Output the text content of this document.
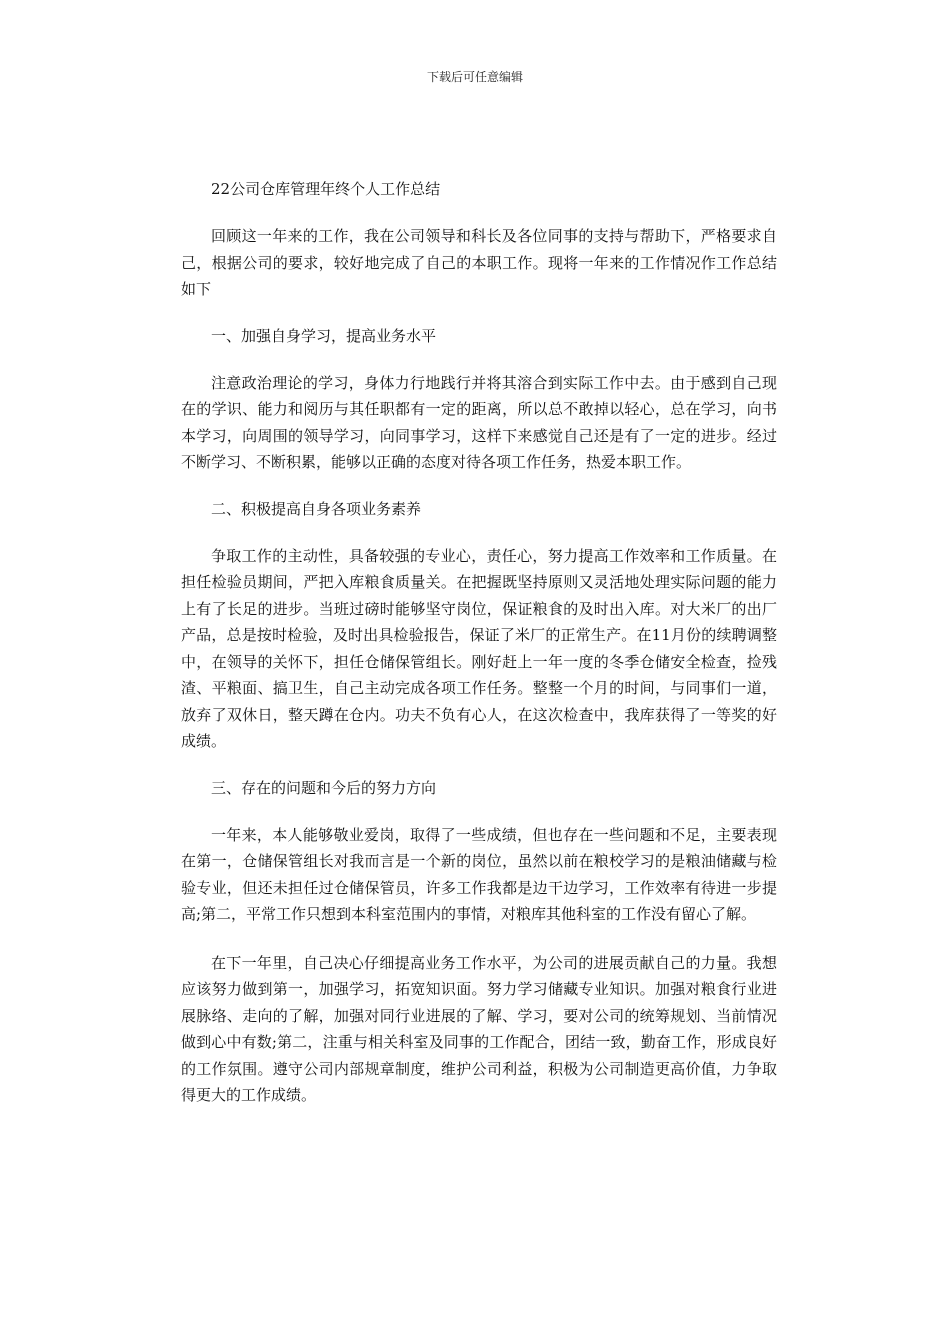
下载后可任意编辑
22公司仓库管理年终个人工作总结

回顾这一年来的工作，我在公司领导和科长及各位同事的支持与帮助下，严格要求自己，根据公司的要求，较好地完成了自己的本职工作。现将一年来的工作情况作工作总结如下

一、加强自身学习，提高业务水平

注意政治理论的学习，身体力行地践行并将其溶合到实际工作中去。由于感到自己现在的学识、能力和阅历与其任职都有一定的距离，所以总不敢掉以轻心，总在学习，向书本学习，向周围的领导学习，向同事学习，这样下来感觉自己还是有了一定的进步。经过不断学习、不断积累，能够以正确的态度对待各项工作任务，热爱本职工作。

二、积极提高自身各项业务素养

争取工作的主动性，具备较强的专业心，责任心，努力提高工作效率和工作质量。在担任检验员期间，严把入库粮食质量关。在把握既坚持原则又灵活地处理实际问题的能力上有了长足的进步。当班过磅时能够坚守岗位，保证粮食的及时出入库。对大米厂的出厂产品，总是按时检验，及时出具检验报告，保证了米厂的正常生产。在11月份的续聘调整中，在领导的关怀下，担任仓储保管组长。刚好赶上一年一度的冬季仓储安全检查，捡残渣、平粮面、搞卫生，自己主动完成各项工作任务。整整一个月的时间，与同事们一道，放弃了双休日，整天蹲在仓内。功夫不负有心人，在这次检查中，我库获得了一等奖的好成绩。

三、存在的问题和今后的努力方向

一年来，本人能够敬业爱岗，取得了一些成绩，但也存在一些问题和不足，主要表现在第一，仓储保管组长对我而言是一个新的岗位，虽然以前在粮校学习的是粮油储藏与检验专业，但还未担任过仓储保管员，许多工作我都是边干边学习，工作效率有待进一步提高;第二，平常工作只想到本科室范围内的事情，对粮库其他科室的工作没有留心了解。

在下一年里，自己决心仔细提高业务工作水平，为公司的进展贡献自己的力量。我想应该努力做到第一，加强学习，拓宽知识面。努力学习储藏专业知识。加强对粮食行业进展脉络、走向的了解，加强对同行业进展的了解、学习，要对公司的统筹规划、当前情况做到心中有数;第二，注重与相关科室及同事的工作配合，团结一致，勤奋工作，形成良好的工作氛围。遵守公司内部规章制度，维护公司利益，积极为公司制造更高价值，力争取得更大的工作成绩。
